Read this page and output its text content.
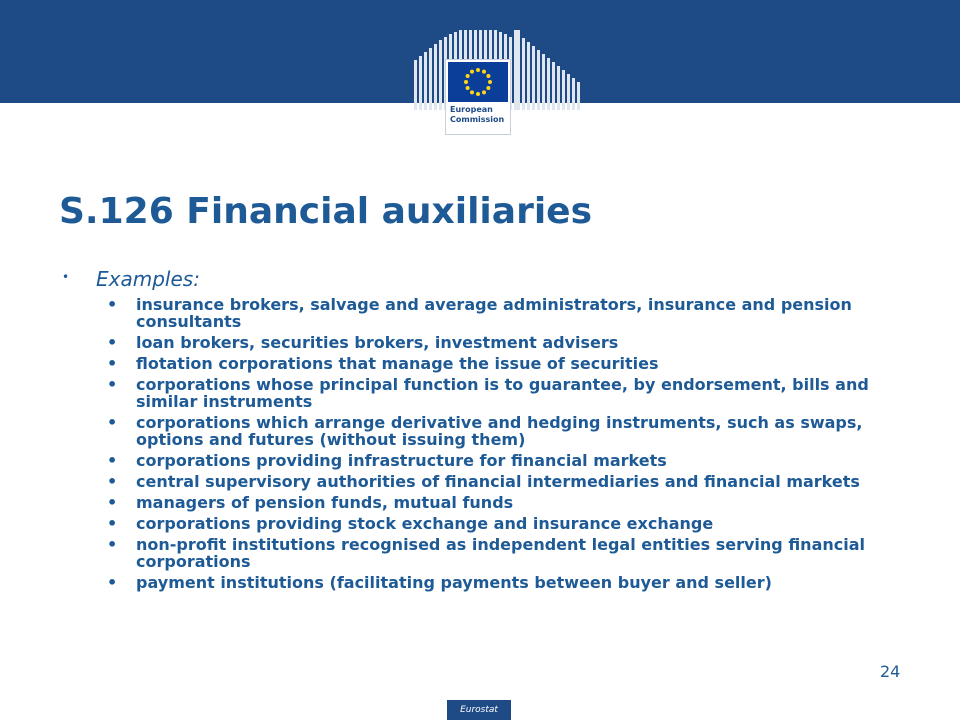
European
Commission
S.126 Financial auxiliaries
• Examples:
• insurance brokers, salvage and average administrators, insurance and pension consultants
• loan brokers, securities brokers, investment advisers
• flotation corporations that manage the issue of securities
• corporations whose principal function is to guarantee, by endorsement, bills and similar instruments
• corporations which arrange derivative and hedging instruments, such as swaps, options and futures (without issuing them)
• corporations providing infrastructure for financial markets
• central supervisory authorities of financial intermediaries and financial markets
• managers of pension funds, mutual funds
• corporations providing stock exchange and insurance exchange
• non-profit institutions recognised as independent legal entities serving financial corporations
• payment institutions (facilitating payments between buyer and seller)
24
Eurostat
